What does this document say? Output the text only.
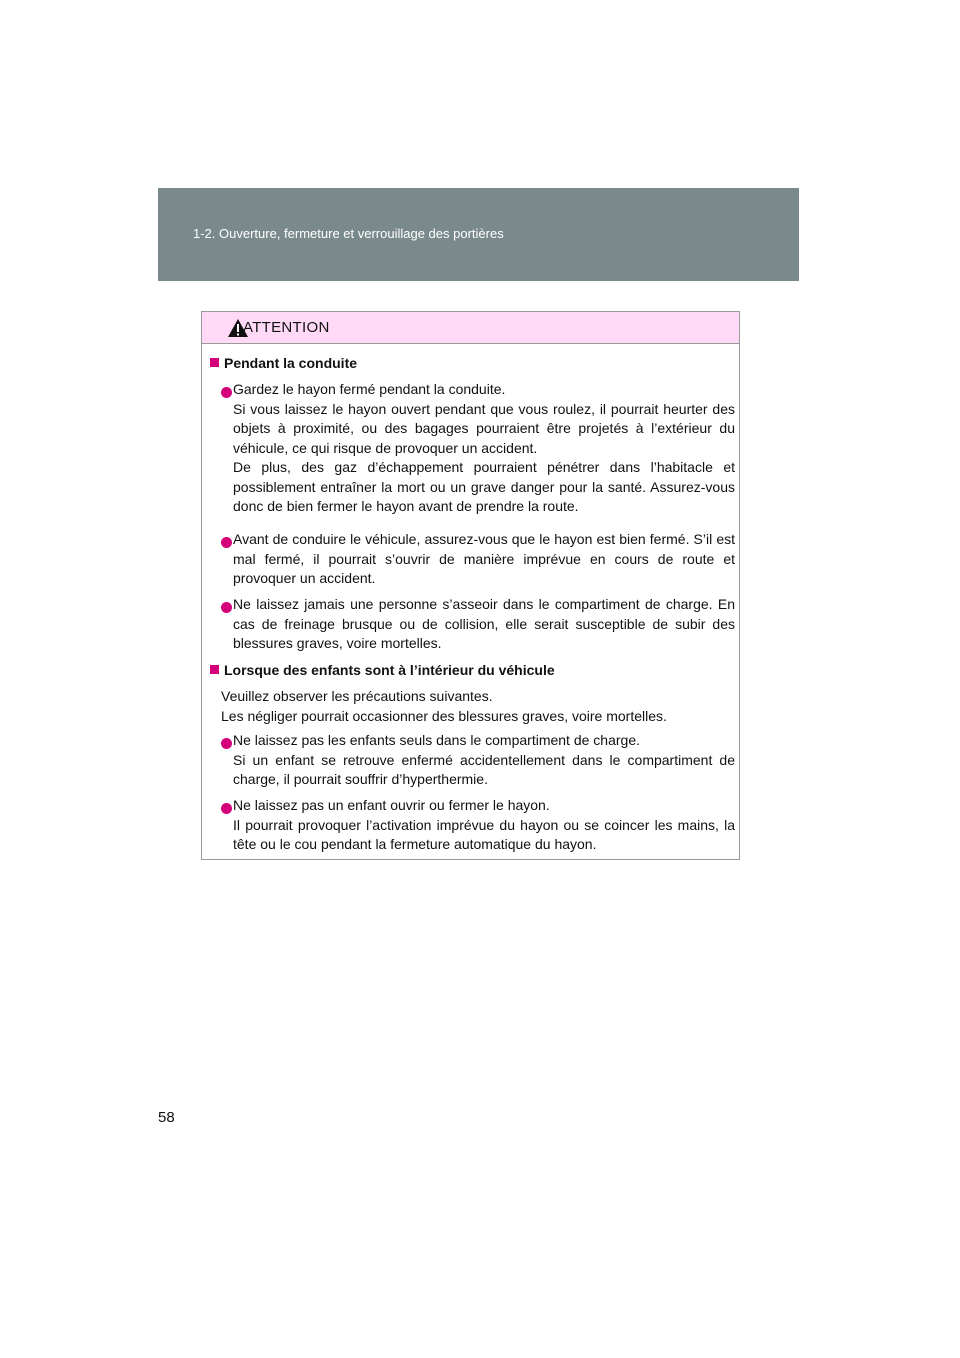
1-2. Ouverture, fermeture et verrouillage des portières
ATTENTION
Pendant la conduite

Gardez le hayon fermé pendant la conduite.

Si vous laissez le hayon ouvert pendant que vous roulez, il pourrait heurter des objets à proximité, ou des bagages pourraient être projetés à l’extérieur du véhicule, ce qui risque de provoquer un accident.

De plus, des gaz d’échappement pourraient pénétrer dans l’habitacle et possiblement entraîner la mort ou un grave danger pour la santé. Assurez-vous donc de bien fermer le hayon avant de prendre la route.

Avant de conduire le véhicule, assurez-vous que le hayon est bien fermé. S’il est mal fermé, il pourrait s’ouvrir de manière imprévue en cours de route et provoquer un accident.

Ne laissez jamais une personne s’asseoir dans le compartiment de charge. En cas de freinage brusque ou de collision, elle serait susceptible de subir des blessures graves, voire mortelles.

Lorsque des enfants sont à l’intérieur du véhicule

Veuillez observer les précautions suivantes.

Les négliger pourrait occasionner des blessures graves, voire mortelles.

Ne laissez pas les enfants seuls dans le compartiment de charge.

Si un enfant se retrouve enfermé accidentellement dans le compartiment de charge, il pourrait souffrir d’hyperthermie.

Ne laissez pas un enfant ouvrir ou fermer le hayon.

Il pourrait provoquer l’activation imprévue du hayon ou se coincer les mains, la tête ou le cou pendant la fermeture automatique du hayon.

58
